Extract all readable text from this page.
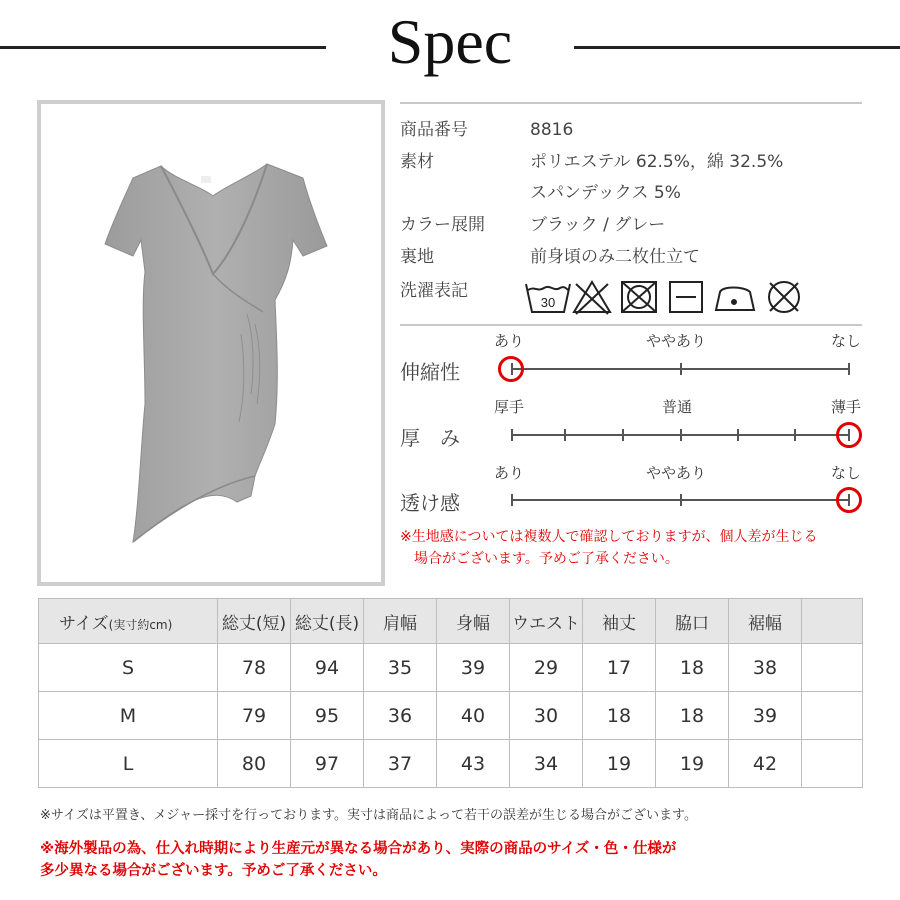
Spec
商品番号	8816
素材	ポリエステル 62.5%，綿 32.5%
スパンデックス 5%
カラー展開	ブラック / グレー
裏地	前身頃のみ二枚仕立て
洗濯表記
30
あり	ややあり	なし
伸縮性
厚手	普通	薄手
厚　み
あり	ややあり	なし
透け感
※生地感については複数人で確認しておりますが、個人差が生じる
場合がございます。予めご了承ください。
サイズ(実寸約cm)	総丈(短)	総丈(長)	肩幅	身幅	ウエスト	袖丈	脇口	裾幅	
S	78	94	35	39	29	17	18	38	
M	79	95	36	40	30	18	18	39	
L	80	97	37	43	34	19	19	42	
※サイズは平置き、メジャー採寸を行っております。実寸は商品によって若干の誤差が生じる場合がございます。
※海外製品の為、仕入れ時期により生産元が異なる場合があり、実際の商品のサイズ・色・仕様が
多少異なる場合がございます。予めご了承ください。
